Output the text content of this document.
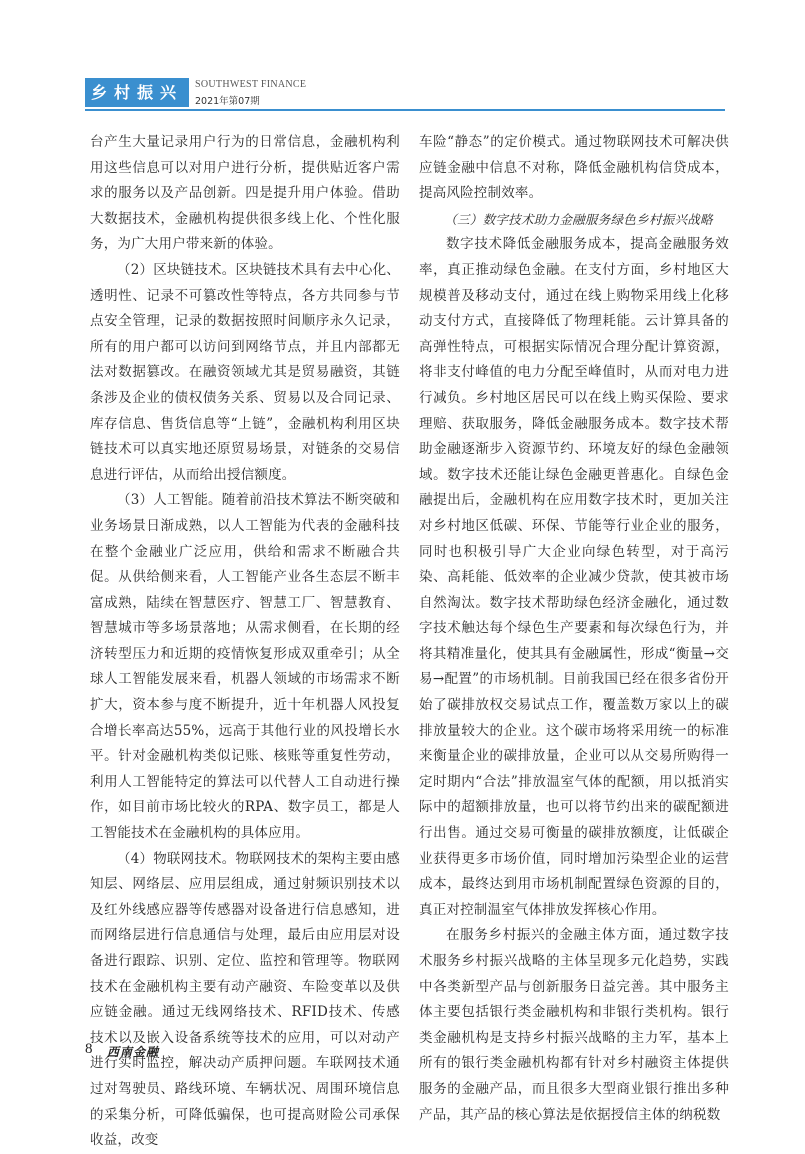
乡村振兴	SOUTHWEST FINANCE
2021年第07期

台产生大量记录用户行为的日常信息，金融机构利用这些信息可以对用户进行分析，提供贴近客户需求的服务以及产品创新。四是提升用户体验。借助大数据技术，金融机构提供很多线上化、个性化服务，为广大用户带来新的体验。

（2）区块链技术。区块链技术具有去中心化、透明性、记录不可篡改性等特点，各方共同参与节点安全管理，记录的数据按照时间顺序永久记录，所有的用户都可以访问到网络节点，并且内部都无法对数据篡改。在融资领域尤其是贸易融资，其链条涉及企业的债权债务关系、贸易以及合同记录、库存信息、售货信息等“上链”，金融机构利用区块链技术可以真实地还原贸易场景，对链条的交易信息进行评估，从而给出授信额度。

（3）人工智能。随着前沿技术算法不断突破和业务场景日渐成熟，以人工智能为代表的金融科技在整个金融业广泛应用，供给和需求不断融合共促。从供给侧来看，人工智能产业各生态层不断丰富成熟，陆续在智慧医疗、智慧工厂、智慧教育、智慧城市等多场景落地；从需求侧看，在长期的经济转型压力和近期的疫情恢复形成双重牵引；从全球人工智能发展来看，机器人领域的市场需求不断扩大，资本参与度不断提升，近十年机器人风投复合增长率高达55%，远高于其他行业的风投增长水平。针对金融机构类似记账、核账等重复性劳动，利用人工智能特定的算法可以代替人工自动进行操作，如目前市场比较火的RPA、数字员工，都是人工智能技术在金融机构的具体应用。

（4）物联网技术。物联网技术的架构主要由感知层、网络层、应用层组成，通过射频识别技术以及红外线感应器等传感器对设备进行信息感知，进而网络层进行信息通信与处理，最后由应用层对设备进行跟踪、识别、定位、监控和管理等。物联网技术在金融机构主要有动产融资、车险变革以及供应链金融。通过无线网络技术、RFID技术、传感技术以及嵌入设备系统等技术的应用，可以对动产进行实时监控，解决动产质押问题。车联网技术通过对驾驶员、路线环境、车辆状况、周围环境信息的采集分析，可降低骗保，也可提高财险公司承保收益，改变

车险“静态”的定价模式。通过物联网技术可解决供应链金融中信息不对称，降低金融机构信贷成本，提高风险控制效率。

（三）数字技术助力金融服务绿色乡村振兴战略

数字技术降低金融服务成本，提高金融服务效率，真正推动绿色金融。在支付方面，乡村地区大规模普及移动支付，通过在线上购物采用线上化移动支付方式，直接降低了物理耗能。云计算具备的高弹性特点，可根据实际情况合理分配计算资源，将非支付峰值的电力分配至峰值时，从而对电力进行减负。乡村地区居民可以在线上购买保险、要求理赔、获取服务，降低金融服务成本。数字技术帮助金融逐渐步入资源节约、环境友好的绿色金融领域。数字技术还能让绿色金融更普惠化。自绿色金融提出后，金融机构在应用数字技术时，更加关注对乡村地区低碳、环保、节能等行业企业的服务，同时也积极引导广大企业向绿色转型，对于高污染、高耗能、低效率的企业减少贷款，使其被市场自然淘汰。数字技术帮助绿色经济金融化，通过数字技术触达每个绿色生产要素和每次绿色行为，并将其精准量化，使其具有金融属性，形成“衡量→交易→配置”的市场机制。目前我国已经在很多省份开始了碳排放权交易试点工作，覆盖数万家以上的碳排放量较大的企业。这个碳市场将采用统一的标准来衡量企业的碳排放量，企业可以从交易所购得一定时期内“合法”排放温室气体的配额，用以抵消实际中的超额排放量，也可以将节约出来的碳配额进行出售。通过交易可衡量的碳排放额度，让低碳企业获得更多市场价值，同时增加污染型企业的运营成本，最终达到用市场机制配置绿色资源的目的，真正对控制温室气体排放发挥核心作用。

在服务乡村振兴的金融主体方面，通过数字技术服务乡村振兴战略的主体呈现多元化趋势，实践中各类新型产品与创新服务日益完善。其中服务主体主要包括银行类金融机构和非银行类机构。银行类金融机构是支持乡村振兴战略的主力军，基本上所有的银行类金融机构都有针对乡村融资主体提供服务的金融产品，而且很多大型商业银行推出多种产品，其产品的核心算法是依据授信主体的纳税数

8 西南金融
